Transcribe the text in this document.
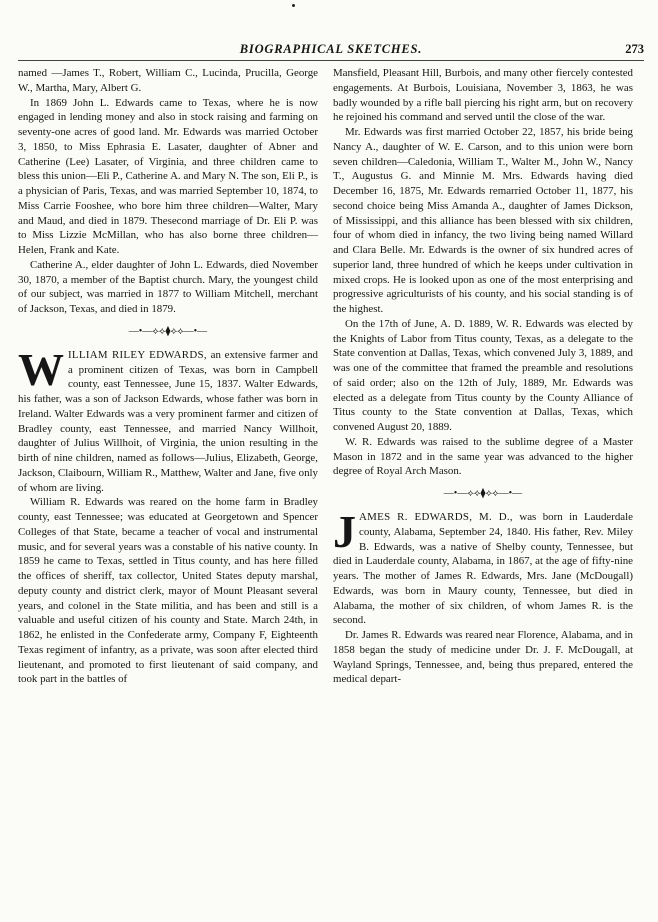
BIOGRAPHICAL SKETCHES.	273

named —James T., Robert, William C., Lucinda, Prucilla, George W., Martha, Mary, Albert G.

In 1869 John L. Edwards came to Texas, where he is now engaged in lending money and also in stock raising and farming on seventy-one acres of good land. Mr. Edwards was married October 3, 1850, to Miss Ephrasia E. Lasater, daughter of Abner and Catherine (Lee) Lasater, of Virginia, and three children came to bless this union—Eli P., Catherine A. and Mary N. The son, Eli P., is a physician of Paris, Texas, and was married September 10, 1874, to Miss Carrie Fooshee, who bore him three children—Walter, Mary and Maud, and died in 1879. Thesecond marriage of Dr. Eli P. was to Miss Lizzie McMillan, who has also borne three children—Helen, Frank and Kate.

Catherine A., elder daughter of John L. Edwards, died November 30, 1870, a member of the Baptist church. Mary, the youngest child of our subject, was married in 1877 to William Mitchell, merchant of Jackson, Texas, and died in 1879.

—•—⟡⟡⧫⟡⟡—•—

WILLIAM RILEY EDWARDS, an extensive farmer and a prominent citizen of Texas, was born in Campbell county, east Tennessee, June 15, 1837. Walter Edwards, his father, was a son of Jackson Edwards, whose father was born in Ireland. Walter Edwards was a very prominent farmer and citizen of Bradley county, east Tennessee, and married Nancy Willhoit, daughter of Julius Willhoit, of Virginia, the union resulting in the birth of nine children, named as follows—Julius, Elizabeth, George, Jackson, Claibourn, William R., Matthew, Walter and Jane, five only of whom are living.

William R. Edwards was reared on the home farm in Bradley county, east Tennessee; was educated at Georgetown and Spencer Colleges of that State, became a teacher of vocal and instrumental music, and for several years was a constable of his native county. In 1859 he came to Texas, settled in Titus county, and has here filled the offices of sheriff, tax collector, United States deputy marshal, deputy county and district clerk, mayor of Mount Pleasant several years, and colonel in the State militia, and has been and still is a valuable and useful citizen of his county and State. March 24th, in 1862, he enlisted in the Confederate army, Company F, Eighteenth Texas regiment of infantry, as a private, was soon after elected third lieutenant, and promoted to first lieutenant of said company, and took part in the battles of

Mansfield, Pleasant Hill, Burbois, and many other fiercely contested engagements. At Burbois, Louisiana, November 3, 1863, he was badly wounded by a rifle ball piercing his right arm, but on recovery he rejoined his command and served until the close of the war.

Mr. Edwards was first married October 22, 1857, his bride being Nancy A., daughter of W. E. Carson, and to this union were born seven children—Caledonia, William T., Walter M., John W., Nancy T., Augustus G. and Minnie M. Mrs. Edwards having died December 16, 1875, Mr. Edwards remarried October 11, 1877, his second choice being Miss Amanda A., daughter of James Dickson, of Mississippi, and this alliance has been blessed with six children, four of whom died in infancy, the two living being named Willard and Clara Belle. Mr. Edwards is the owner of six hundred acres of superior land, three hundred of which he keeps under cultivation in mixed crops. He is looked upon as one of the most enterprising and progressive agriculturists of his county, and his social standing is of the highest.

On the 17th of June, A. D. 1889, W. R. Edwards was elected by the Knights of Labor from Titus county, Texas, as a delegate to the State convention at Dallas, Texas, which convened July 3, 1889, and was one of the committee that framed the preamble and resolutions of said order; also on the 12th of July, 1889, Mr. Edwards was elected as a delegate from Titus county by the County Alliance of Titus county to the State convention at Dallas, Texas, which convened August 20, 1889.

W. R. Edwards was raised to the sublime degree of a Master Mason in 1872 and in the same year was advanced to the higher degree of Royal Arch Mason.

—•—⟡⟡⧫⟡⟡—•—

JAMES R. EDWARDS, M. D., was born in Lauderdale county, Alabama, September 24, 1840. His father, Rev. Miley B. Edwards, was a native of Shelby county, Tennessee, but died in Lauderdale county, Alabama, in 1867, at the age of fifty-nine years. The mother of James R. Edwards, Mrs. Jane (McDougall) Edwards, was born in Maury county, Tennessee, but died in Alabama, the mother of six children, of whom James R. is the second.

Dr. James R. Edwards was reared near Florence, Alabama, and in 1858 began the study of medicine under Dr. J. F. McDougall, at Wayland Springs, Tennessee, and, being thus prepared, entered the medical depart-
